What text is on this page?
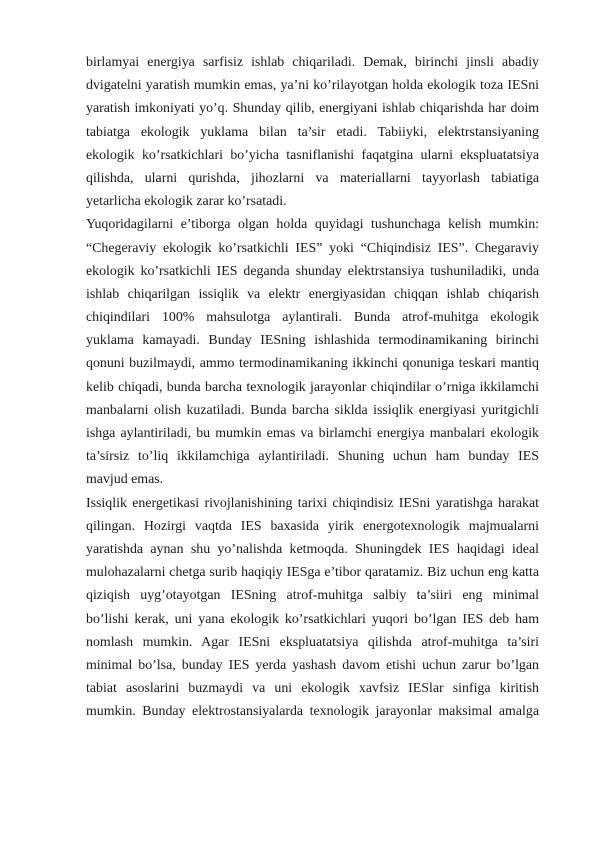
birlamyai energiya sarfisiz ishlab chiqariladi. Demak, birinchi jinsli abadiy
dvigatelni yaratish mumkin emas, ya’ni ko’rilayotgan holda ekologik toza IESni
yaratish imkoniyati yo’q. Shunday qilib, energiyani ishlab chiqarishda har doim
tabiatga ekologik yuklama bilan ta’sir etadi. Tabiiyki, elektrstansiyaning
ekologik ko’rsatkichlari bo’yicha tasniflanishi faqatgina ularni ekspluatatsiya
qilishda, ularni qurishda, jihozlarni va materiallarni tayyorlash tabiatiga
yetarlicha ekologik zarar ko’rsatadi.
Yuqoridagilarni e’tiborga olgan holda quyidagi tushunchaga kelish mumkin:
“Chegeraviy ekologik ko’rsatkichli IES” yoki “Chiqindisiz IES”. Chegaraviy
ekologik ko’rsatkichli IES deganda shunday elektrstansiya tushuniladiki, unda
ishlab chiqarilgan issiqlik va elektr energiyasidan chiqqan ishlab chiqarish
chiqindilari 100% mahsulotga aylantirali. Bunda atrof-muhitga ekologik
yuklama kamayadi. Bunday IESning ishlashida termodinamikaning birinchi
qonuni buzilmaydi, ammo termodinamikaning ikkinchi qonuniga teskari mantiq
kelib chiqadi, bunda barcha texnologik jarayonlar chiqindilar o’rniga ikkilamchi
manbalarni olish kuzatiladi. Bunda barcha siklda issiqlik energiyasi yuritgichli
ishga aylantiriladi, bu mumkin emas va birlamchi energiya manbalari ekologik
ta’sirsiz to’liq ikkilamchiga aylantiriladi. Shuning uchun ham bunday IES
mavjud emas.
Issiqlik energetikasi rivojlanishining tarixi chiqindisiz IESni yaratishga harakat
qilingan. Hozirgi vaqtda IES baxasida yirik energotexnologik majmualarni
yaratishda aynan shu yo’nalishda ketmoqda. Shuningdek IES haqidagi ideal
mulohazalarni chetga surib haqiqiy IESga e’tibor qaratamiz. Biz uchun eng katta
qiziqish uyg’otayotgan IESning atrof-muhitga salbiy ta’siiri eng minimal
bo’lishi kerak, uni yana ekologik ko’rsatkichlari yuqori bo’lgan IES deb ham
nomlash mumkin. Agar IESni ekspluatatsiya qilishda atrof-muhitga ta’siri
minimal bo’lsa, bunday IES yerda yashash davom etishi uchun zarur bo’lgan
tabiat asoslarini buzmaydi va uni ekologik xavfsiz IESlar sinfiga kiritish
mumkin. Bunday elektrostansiyalarda texnologik jarayonlar maksimal amalga
